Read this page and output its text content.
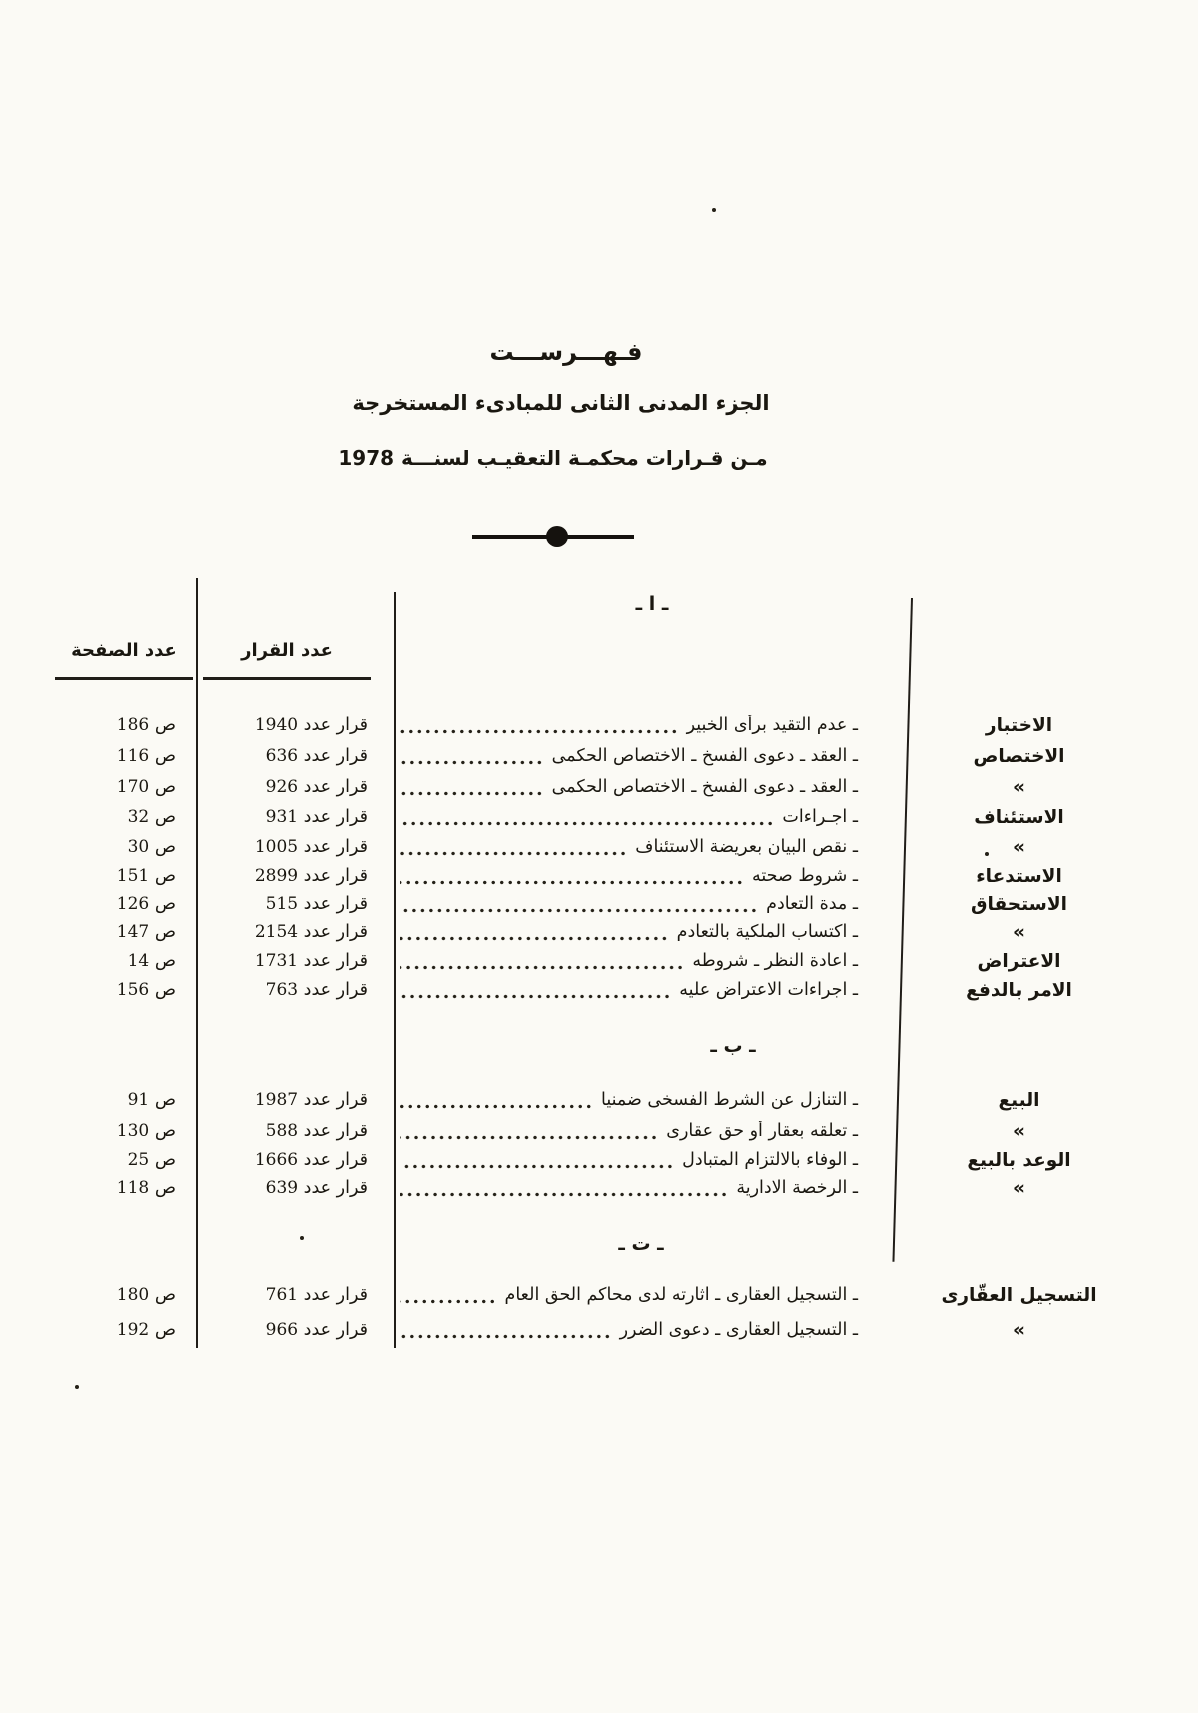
فـهـــرســـت
الجزء المدنى الثانى للمبادىء المستخرجة
مـن قـرارات محكمـة التعقيـب لسنـــة 1978
ـ ا ـ
ـ ب ـ
ـ ت ـ
عدد الصفحة	عدد القرار
الاختبار
ـ عدم التقيد برأى الخبير
قرار عدد 1940
ص 186
الاختصاص
ـ العقد ـ دعوى الفسخ ـ الاختصاص الحكمى
قرار عدد 636
ص 116
»
ـ العقد ـ دعوى الفسخ ـ الاختصاص الحكمى
قرار عدد 926
ص 170
الاستئناف
ـ اجـراءات
قرار عدد 931
ص 32
»
ـ نقص البيان بعريضة الاستئناف
قرار عدد 1005
ص 30
الاستدعاء
ـ شروط صحته
قرار عدد 2899
ص 151
الاستحقاق
ـ مدة التعادم
قرار عدد 515
ص 126
»
ـ اكتساب الملكية بالتعادم
قرار عدد 2154
ص 147
الاعتراض
ـ اعادة النظر ـ شروطه
قرار عدد 1731
ص 14
الامر بالدفع
ـ اجراءات الاعتراض عليه
قرار عدد 763
ص 156
البيع
ـ التنازل عن الشرط الفسخى ضمنيا
قرار عدد 1987
ص 91
»
ـ تعلقه بعقار أو حق عقارى
قرار عدد 588
ص 130
الوعد بالبيع
ـ الوفاء بالالتزام المتبادل
قرار عدد 1666
ص 25
»
ـ الرخصة الادارية
قرار عدد 639
ص 118
التسجيل العقّارى
ـ التسجيل العقارى ـ اثارته لدى محاكم الحق العام
قرار عدد 761
ص 180
»
ـ التسجيل العقارى ـ دعوى الضرر
قرار عدد 966
ص 192
